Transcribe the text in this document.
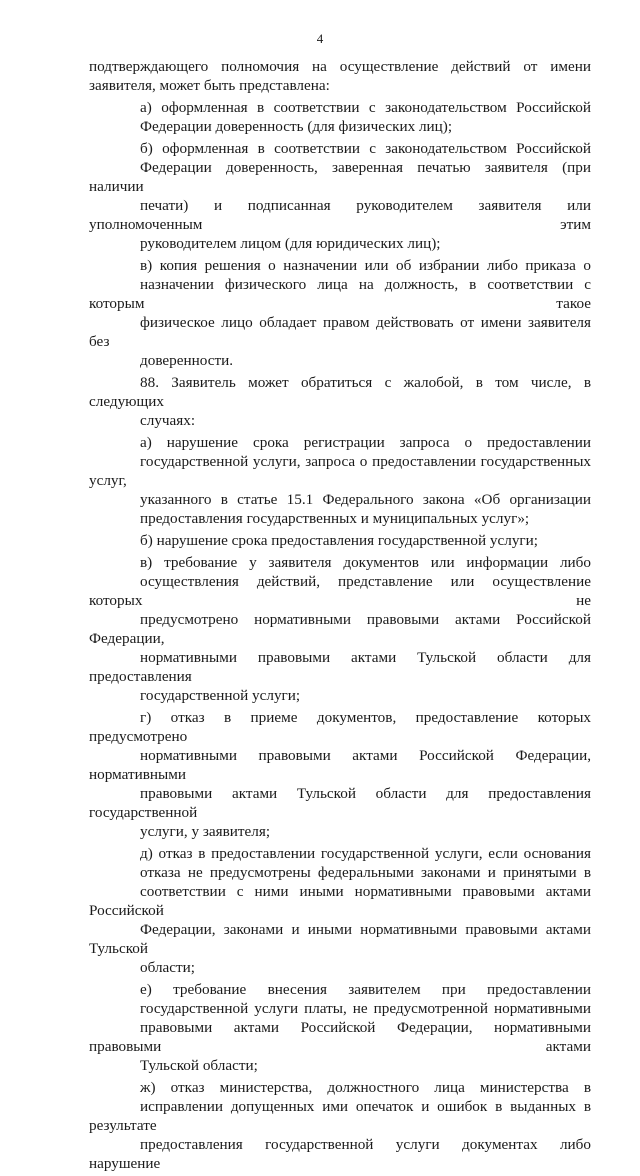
4

подтверждающего полномочия на осуществление действий от имени
заявителя, может быть представлена:

а) оформленная в соответствии с законодательством Российской
Федерации доверенность (для физических лиц);

б) оформленная в соответствии с законодательством Российской
Федерации доверенность, заверенная печатью заявителя (при наличии
печати) и подписанная руководителем заявителя или уполномоченным этим
руководителем лицом (для юридических лиц);

в) копия решения о назначении или об избрании либо приказа о
назначении физического лица на должность, в соответствии с которым такое
физическое лицо обладает правом действовать от имени заявителя без
доверенности.

88. Заявитель может обратиться с жалобой, в том числе, в следующих
случаях:

а) нарушение срока регистрации запроса о предоставлении
государственной услуги, запроса о предоставлении государственных услуг,
указанного в статье 15.1 Федерального закона «Об организации
предоставления государственных и муниципальных услуг»;

б) нарушение срока предоставления государственной услуги;

в) требование у заявителя документов или информации либо
осуществления действий, представление или осуществление которых не
предусмотрено нормативными правовыми актами Российской Федерации,
нормативными правовыми актами Тульской области для предоставления
государственной услуги;

г) отказ в приеме документов, предоставление которых предусмотрено
нормативными правовыми актами Российской Федерации, нормативными
правовыми актами Тульской области для предоставления государственной
услуги, у заявителя;

д) отказ в предоставлении государственной услуги, если основания
отказа не предусмотрены федеральными законами и принятыми в
соответствии с ними иными нормативными правовыми актами Российской
Федерации, законами и иными нормативными правовыми актами Тульской
области;

е) требование внесения заявителем при предоставлении
государственной услуги платы, не предусмотренной нормативными
правовыми актами Российской Федерации, нормативными правовыми актами
Тульской области;

ж) отказ министерства, должностного лица министерства в
исправлении допущенных ими опечаток и ошибок в выданных в результате
предоставления государственной услуги документах либо нарушение
